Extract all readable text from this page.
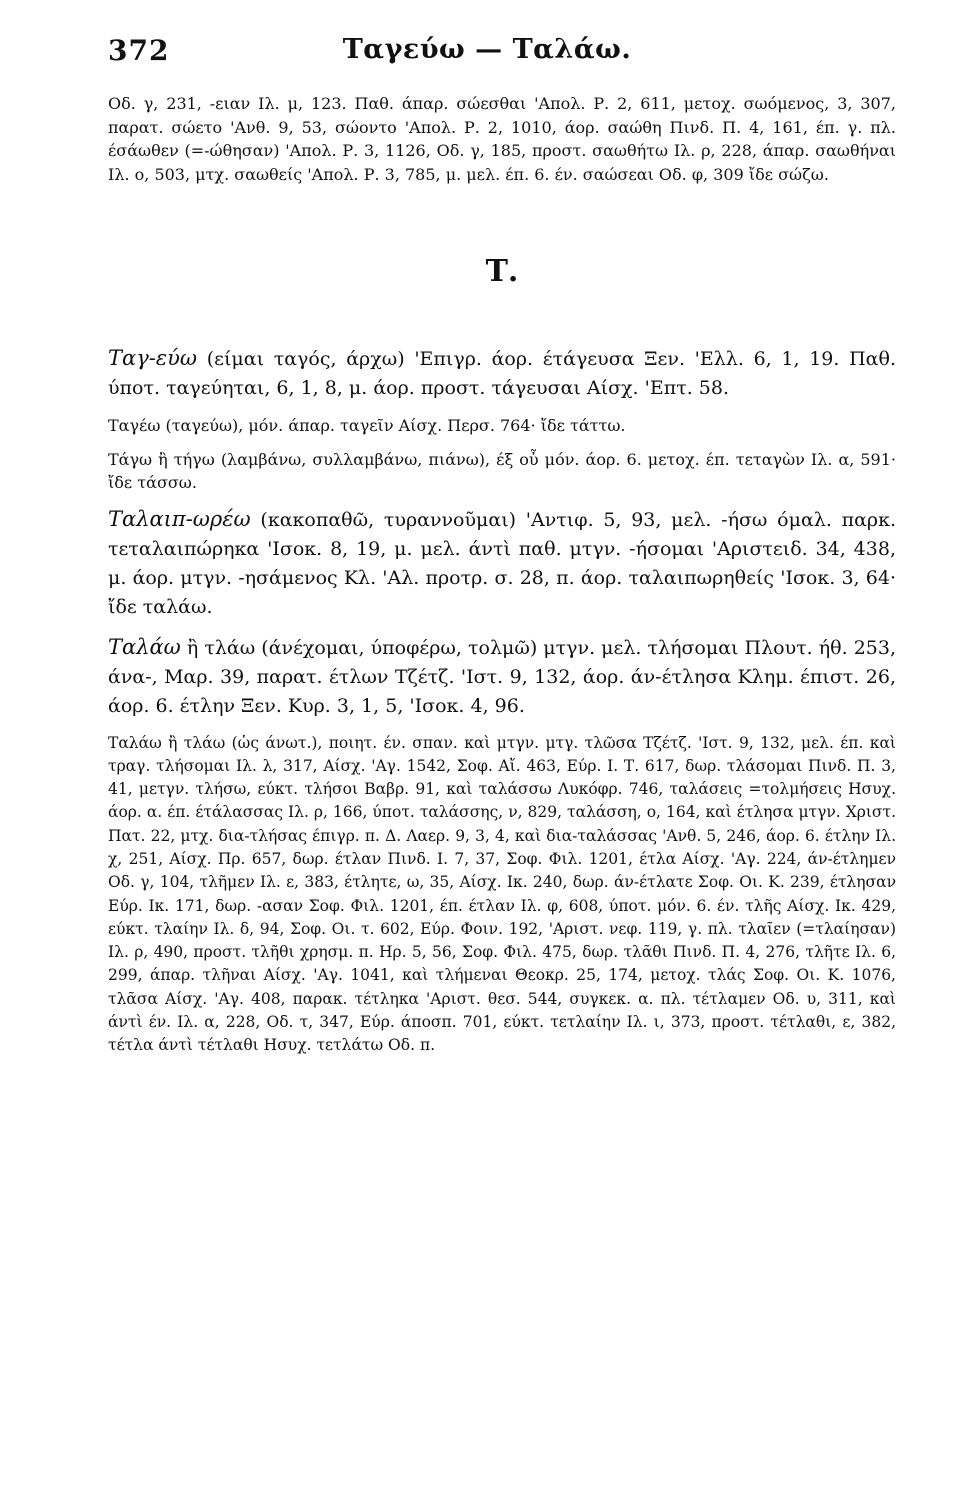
372	Ταγεύω — Ταλάω.

Οδ. γ, 231, -ειαν Ιλ. μ, 123. Παθ. άπαρ. σώεσθαι 'Απολ. Ρ. 2, 611, μετοχ. σωόμενος, 3, 307, παρατ. σώετο 'Ανθ. 9, 53, σώοντο 'Απολ. Ρ. 2, 1010, άορ. σαώθη Πινδ. Π. 4, 161, έπ. γ. πλ. έσάωθεν (=-ώθησαν) 'Απολ. Ρ. 3, 1126, Οδ. γ, 185, προστ. σαωθήτω Ιλ. ρ, 228, άπαρ. σαωθήναι Ιλ. ο, 503, μτχ. σαωθείς 'Απολ. Ρ. 3, 785, μ. μελ. έπ. 6. έν. σαώσεαι Οδ. φ, 309 ἴδε σώζω.

Τ.

Ταγ-εύω (είμαι ταγός, άρχω) 'Επιγρ. άορ. έτάγευσα Ξεν. 'Ελλ. 6, 1, 19. Παθ. ύποτ. ταγεύηται, 6, 1, 8, μ. άορ. προστ. τάγευσαι Αίσχ. 'Επτ. 58.

Ταγέω (ταγεύω), μόν. άπαρ. ταγεῖν Αίσχ. Περσ. 764· ἴδε τάττω.

Τάγω ἢ τήγω (λαμβάνω, συλλαμβάνω, πιάνω), έξ οὗ μόν. άορ. 6. μετοχ. έπ. τεταγὼν Ιλ. α, 591· ἴδε τάσσω.

Ταλαιπ-ωρέω (κακοπαθῶ, τυραννοῦμαι) 'Αντιφ. 5, 93, μελ. -ήσω όμαλ. παρκ. τεταλαιπώρηκα 'Ισοκ. 8, 19, μ. μελ. άντὶ παθ. μτγν. -ήσομαι 'Αριστειδ. 34, 438, μ. άορ. μτγν. -ησάμενος Κλ. 'Αλ. προτρ. σ. 28, π. άορ. ταλαιπωρηθείς 'Ισοκ. 3, 64· ἴδε ταλάω.

Ταλάω ἢ τλάω (άνέχομαι, ύποφέρω, τολμῶ) μτγν. μελ. τλήσομαι Πλουτ. ήθ. 253, άνα-, Μαρ. 39, παρατ. έτλων Τζέτζ. 'Ιστ. 9, 132, άορ. άν-έτλησα Κλημ. έπιστ. 26, άορ. 6. έτλην Ξεν. Κυρ. 3, 1, 5, 'Ισοκ. 4, 96.

Ταλάω ἢ τλάω (ὡς άνωτ.), ποιητ. έν. σπαν. καὶ μτγν. μτγ. τλῶσα Τζέτζ. 'Ιστ. 9, 132, μελ. έπ. καὶ τραγ. τλήσομαι Ιλ. λ, 317, Αίσχ. 'Αγ. 1542, Σοφ. Αἴ. 463, Εύρ. Ι. Τ. 617, δωρ. τλάσομαι Πινδ. Π. 3, 41, μετγν. τλήσω, εύκτ. τλήσοι Βαβρ. 91, καὶ ταλάσσω Λυκόφρ. 746, ταλάσεις =τολμήσεις Ησυχ. άορ. α. έπ. έτάλασσας Ιλ. ρ, 166, ύποτ. ταλάσσης, ν, 829, ταλάσση, ο, 164, καὶ έτλησα μτγν. Χριστ. Πατ. 22, μτχ. δια-τλήσας έπιγρ. π. Δ. Λαερ. 9, 3, 4, καὶ δια-ταλάσσας 'Ανθ. 5, 246, άορ. 6. έτλην Ιλ. χ, 251, Αίσχ. Πρ. 657, δωρ. έτλαν Πινδ. Ι. 7, 37, Σοφ. Φιλ. 1201, έτλα Αίσχ. 'Αγ. 224, άν-έτλημεν Οδ. γ, 104, τλῆμεν Ιλ. ε, 383, έτλητε, ω, 35, Αίσχ. Ικ. 240, δωρ. άν-έτλατε Σοφ. Οι. Κ. 239, έτλησαν Εύρ. Ικ. 171, δωρ. -ασαν Σοφ. Φιλ. 1201, έπ. έτλαν Ιλ. φ, 608, ύποτ. μόν. 6. έν. τλῆς Αίσχ. Ικ. 429, εύκτ. τλαίην Ιλ. δ, 94, Σοφ. Οι. τ. 602, Εύρ. Φοιν. 192, 'Αριστ. νεφ. 119, γ. πλ. τλαῖεν (=τλαίησαν) Ιλ. ρ, 490, προστ. τλῆθι χρησμ. π. Ηρ. 5, 56, Σοφ. Φιλ. 475, δωρ. τλᾶθι Πινδ. Π. 4, 276, τλῆτε Ιλ. 6, 299, άπαρ. τλῆναι Αίσχ. 'Αγ. 1041, καὶ τλήμεναι Θεοκρ. 25, 174, μετοχ. τλάς Σοφ. Οι. Κ. 1076, τλᾶσα Αίσχ. 'Αγ. 408, παρακ. τέτληκα 'Αριστ. θεσ. 544, συγκεκ. α. πλ. τέτλαμεν Οδ. υ, 311, καὶ άντὶ έν. Ιλ. α, 228, Οδ. τ, 347, Εύρ. άποσπ. 701, εύκτ. τετλαίην Ιλ. ι, 373, προστ. τέτλαθι, ε, 382, τέτλα άντὶ τέτλαθι Ησυχ. τετλάτω Οδ. π.
